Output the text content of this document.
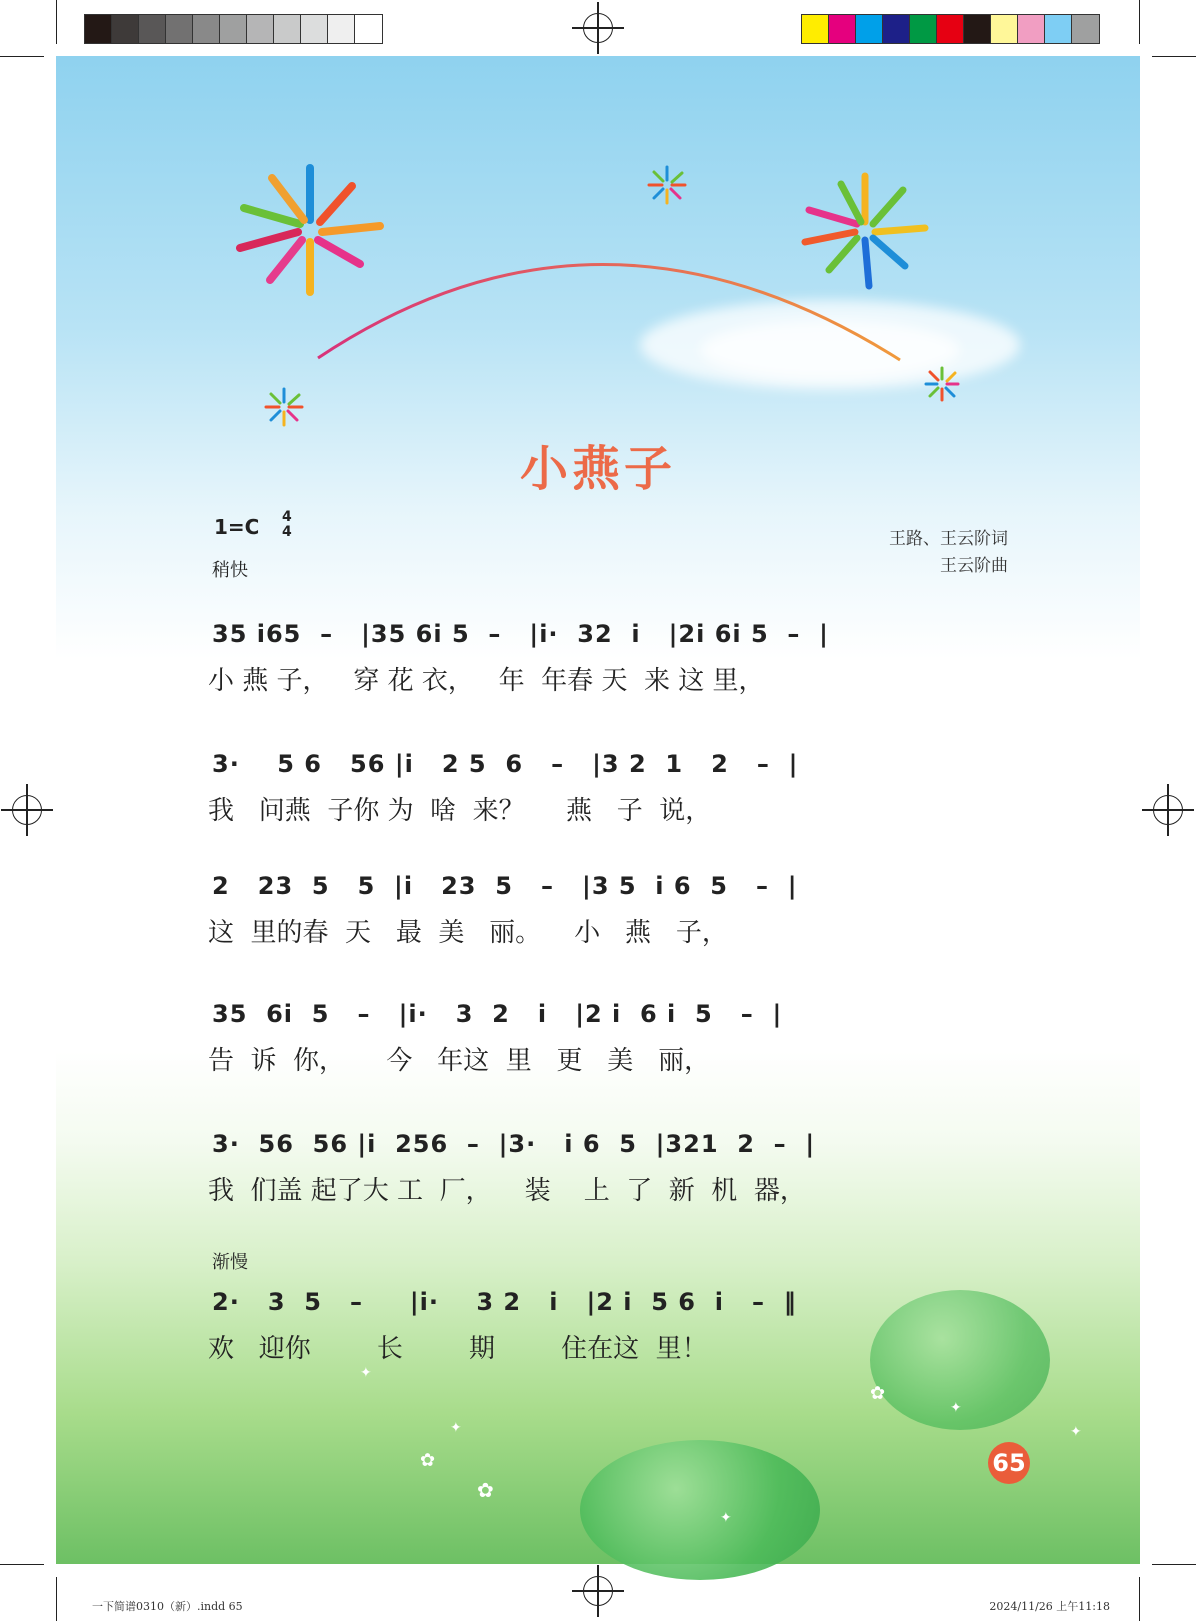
✦
✦
✦
✦
✦
✿
✿
✿
小燕子
1=C 4
4
稍快
王路、王云阶词
王云阶曲
35 i65  –   |35 6i 5  –   |i·  32  i   |2i 6i 5  –  |
小 燕 子，   穿 花 衣，   年  年春 天  来 这 里，
3·    5 6   56 |i   2 5  6   –   |3 2  1   2   –  |
我   问燕  子你 为  啥  来？     燕   子  说，
2   23  5   5  |i   23  5   –   |3 5  i 6  5   –  |
这  里的春  天   最  美   丽。    小   燕   子，
35  6i  5   –   |i·   3  2   i   |2 i  6 i  5   –  |
告  诉  你，     今   年这  里   更   美   丽，
3·  56  56 |i  256  –  |3·   i 6  5  |321  2  –  |
我  们盖 起了大 工  厂，    装    上  了  新  机  器，
渐慢
2·   3  5   –     |i·    3 2   i   |2 i  5 6  i   –  ‖
欢   迎你        长        期        住在这  里！
65
一下简谱0310（新）.indd 65	2024/11/26 上午11:18
